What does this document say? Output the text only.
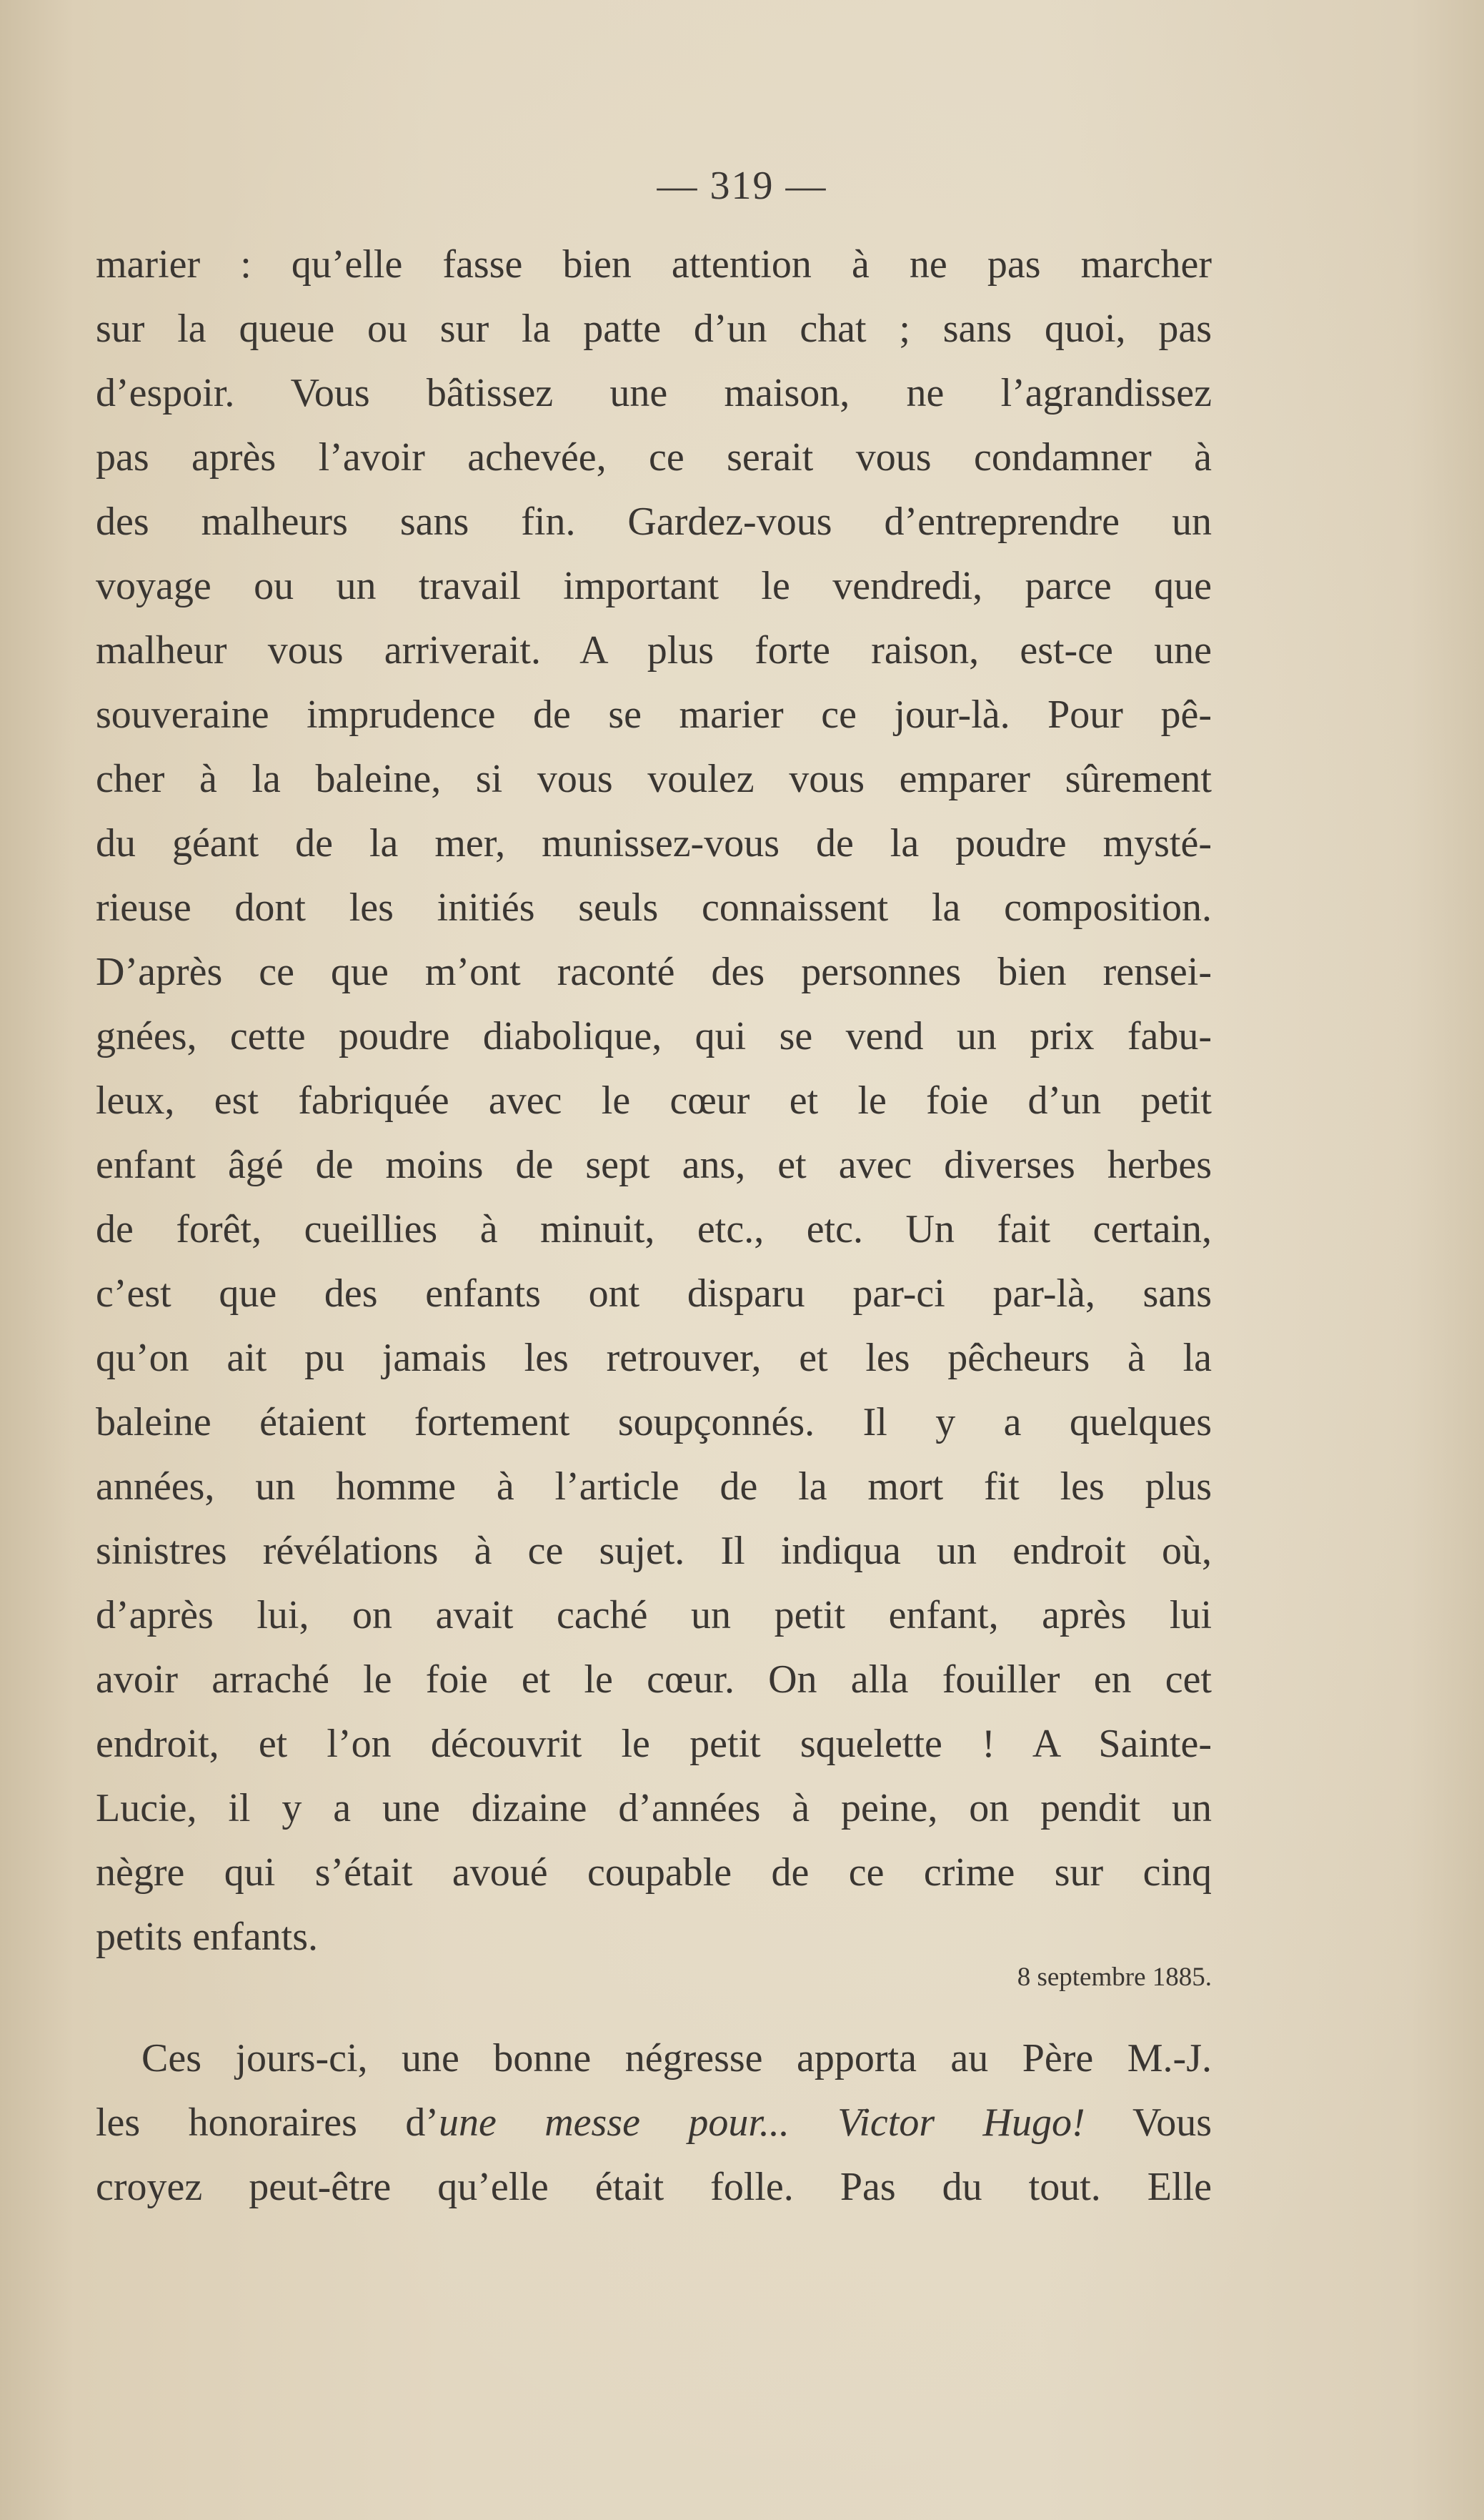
— 319 —
marier : qu’elle fasse bien attention à ne pas marcher
sur la queue ou sur la patte d’un chat ; sans quoi, pas
d’espoir. Vous bâtissez une maison, ne l’agrandissez
pas après l’avoir achevée, ce serait vous condamner à
des malheurs sans fin. Gardez-vous d’entreprendre un
voyage ou un travail important le vendredi, parce que
malheur vous arriverait. A plus forte raison, est-ce une
souveraine imprudence de se marier ce jour-là. Pour pê-
cher à la baleine, si vous voulez vous emparer sûrement
du géant de la mer, munissez-vous de la poudre mysté-
rieuse dont les initiés seuls connaissent la composition.
D’après ce que m’ont raconté des personnes bien rensei-
gnées, cette poudre diabolique, qui se vend un prix fabu-
leux, est fabriquée avec le cœur et le foie d’un petit
enfant âgé de moins de sept ans, et avec diverses herbes
de forêt, cueillies à minuit, etc., etc. Un fait certain,
c’est que des enfants ont disparu par-ci par-là, sans
qu’on ait pu jamais les retrouver, et les pêcheurs à la
baleine étaient fortement soupçonnés. Il y a quelques
années, un homme à l’article de la mort fit les plus
sinistres révélations à ce sujet. Il indiqua un endroit où,
d’après lui, on avait caché un petit enfant, après lui
avoir arraché le foie et le cœur. On alla fouiller en cet
endroit, et l’on découvrit le petit squelette ! A Sainte-
Lucie, il y a une dizaine d’années à peine, on pendit un
nègre qui s’était avoué coupable de ce crime sur cinq
petits enfants.
8 septembre 1885.
Ces jours-ci, une bonne négresse apporta au Père M.-J.
les honoraires d’une messe pour... Victor Hugo! Vous
croyez peut-être qu’elle était folle. Pas du tout. Elle
